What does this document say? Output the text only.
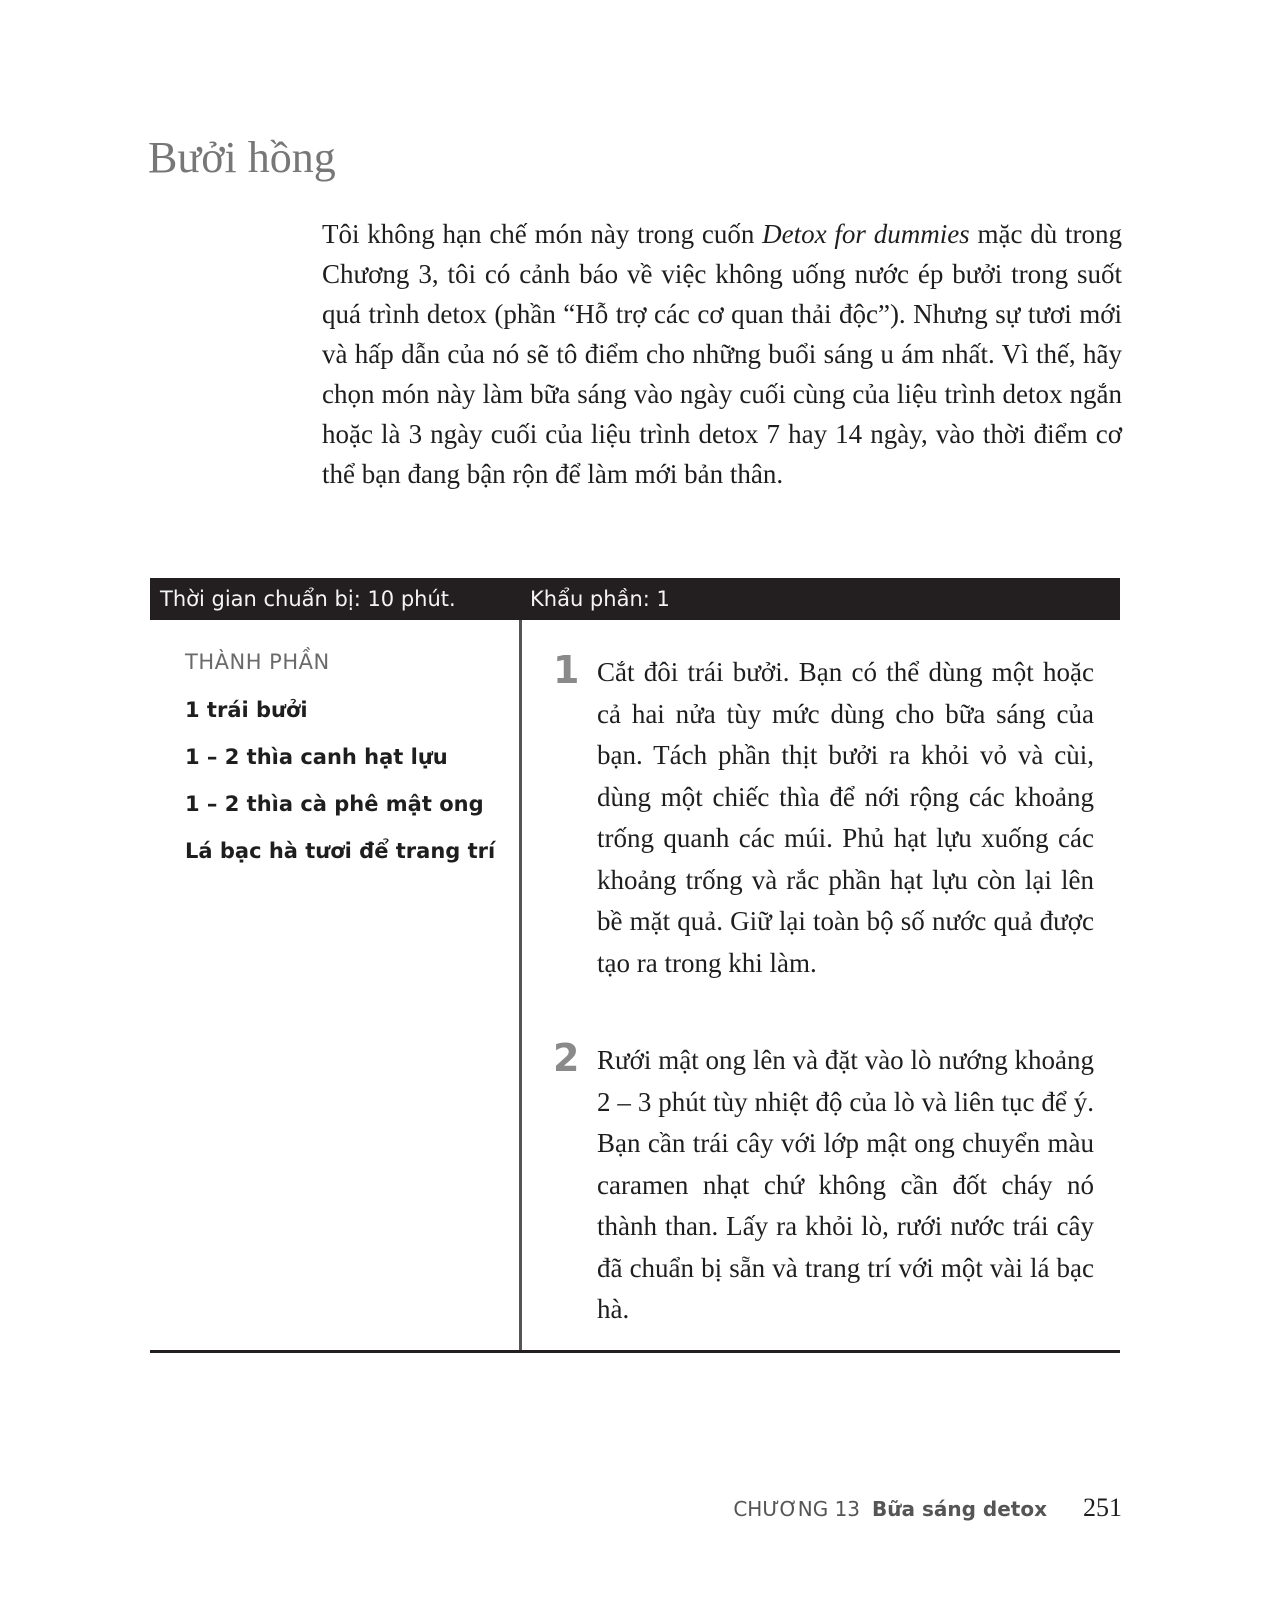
Bưởi hồng

Tôi không hạn chế món này trong cuốn Detox for dummies mặc dù trong Chương 3, tôi có cảnh báo về việc không uống nước ép bưởi trong suốt quá trình detox (phần “Hỗ trợ các cơ quan thải độc”). Nhưng sự tươi mới và hấp dẫn của nó sẽ tô điểm cho những buổi sáng u ám nhất. Vì thế, hãy chọn món này làm bữa sáng vào ngày cuối cùng của liệu trình detox ngắn hoặc là 3 ngày cuối của liệu trình detox 7 hay 14 ngày, vào thời điểm cơ thể bạn đang bận rộn để làm mới bản thân.

Thời gian chuẩn bị: 10 phút.	Khẩu phần: 1
THÀNH PHẦN
1 trái bưởi
1 – 2 thìa canh hạt lựu
1 – 2 thìa cà phê mật ong
Lá bạc hà tươi để trang trí
1 Cắt đôi trái bưởi. Bạn có thể dùng một hoặc cả hai nửa tùy mức dùng cho bữa sáng của bạn. Tách phần thịt bưởi ra khỏi vỏ và cùi, dùng một chiếc thìa để nới rộng các khoảng trống quanh các múi. Phủ hạt lựu xuống các khoảng trống và rắc phần hạt lựu còn lại lên bề mặt quả. Giữ lại toàn bộ số nước quả được tạo ra trong khi làm.

2 Rưới mật ong lên và đặt vào lò nướng khoảng 2 – 3 phút tùy nhiệt độ của lò và liên tục để ý. Bạn cần trái cây với lớp mật ong chuyển màu caramen nhạt chứ không cần đốt cháy nó thành than. Lấy ra khỏi lò, rưới nước trái cây đã chuẩn bị sẵn và trang trí với một vài lá bạc hà.

CHƯƠNG 13 Bữa sáng detox 251
